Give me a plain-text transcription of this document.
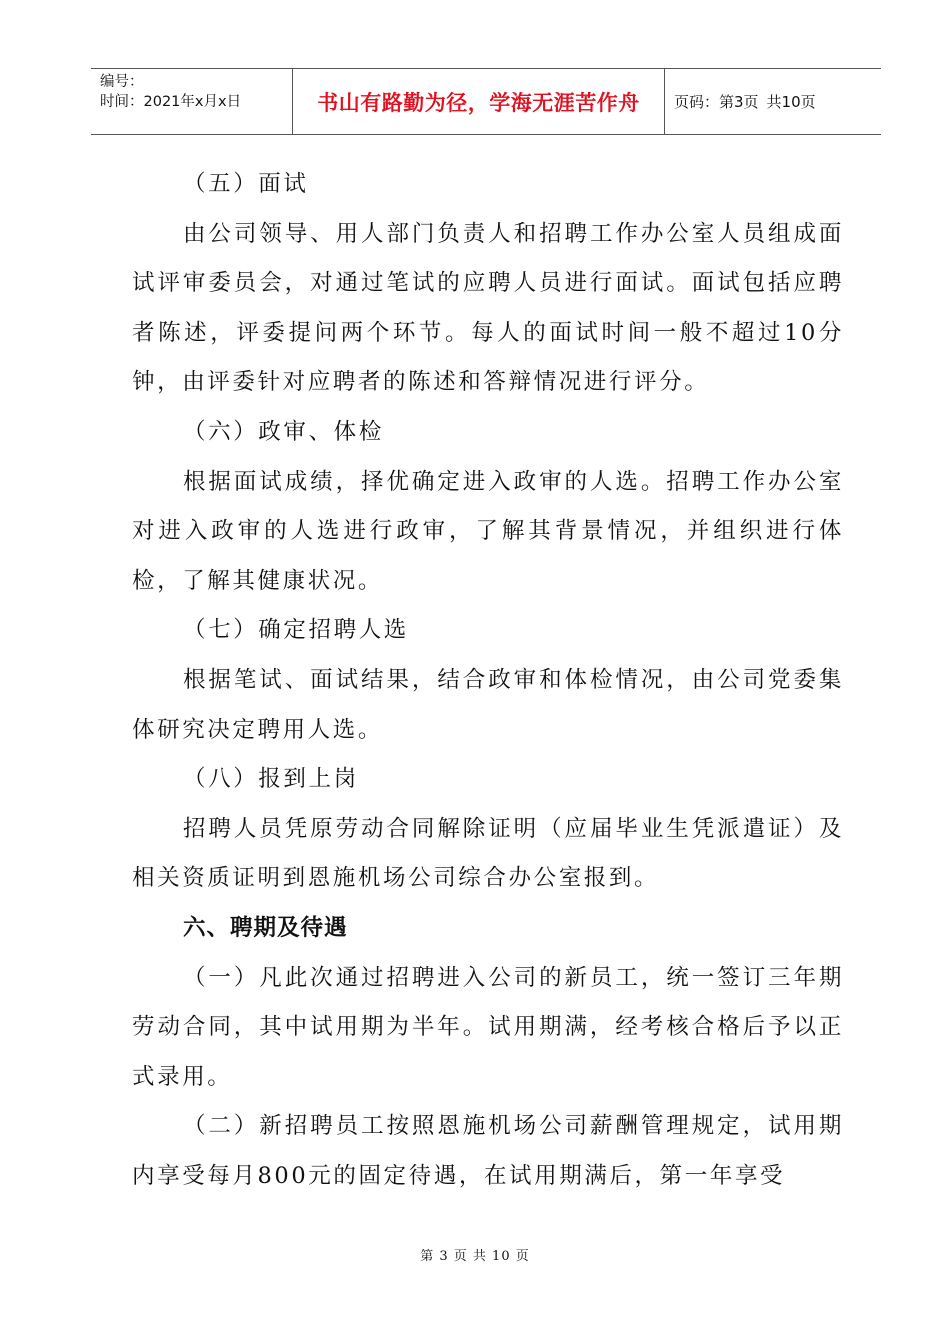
编号：
时间：2021年x月x日	书山有路勤为径，学海无涯苦作舟 页码：第3页 共10页

（五）面试

由公司领导、用人部门负责人和招聘工作办公室人员组成面试评审委员会，对通过笔试的应聘人员进行面试。面试包括应聘者陈述，评委提问两个环节。每人的面试时间一般不超过10分钟，由评委针对应聘者的陈述和答辩情况进行评分。

（六）政审、体检

根据面试成绩，择优确定进入政审的人选。招聘工作办公室对进入政审的人选进行政审，了解其背景情况，并组织进行体检，了解其健康状况。

（七）确定招聘人选

根据笔试、面试结果，结合政审和体检情况，由公司党委集体研究决定聘用人选。

（八）报到上岗

招聘人员凭原劳动合同解除证明（应届毕业生凭派遣证）及相关资质证明到恩施机场公司综合办公室报到。

六、聘期及待遇

（一）凡此次通过招聘进入公司的新员工，统一签订三年期劳动合同，其中试用期为半年。试用期满，经考核合格后予以正式录用。

（二）新招聘员工按照恩施机场公司薪酬管理规定，试用期内享受每月800元的固定待遇，在试用期满后，第一年享受

第 3 页 共 10 页
